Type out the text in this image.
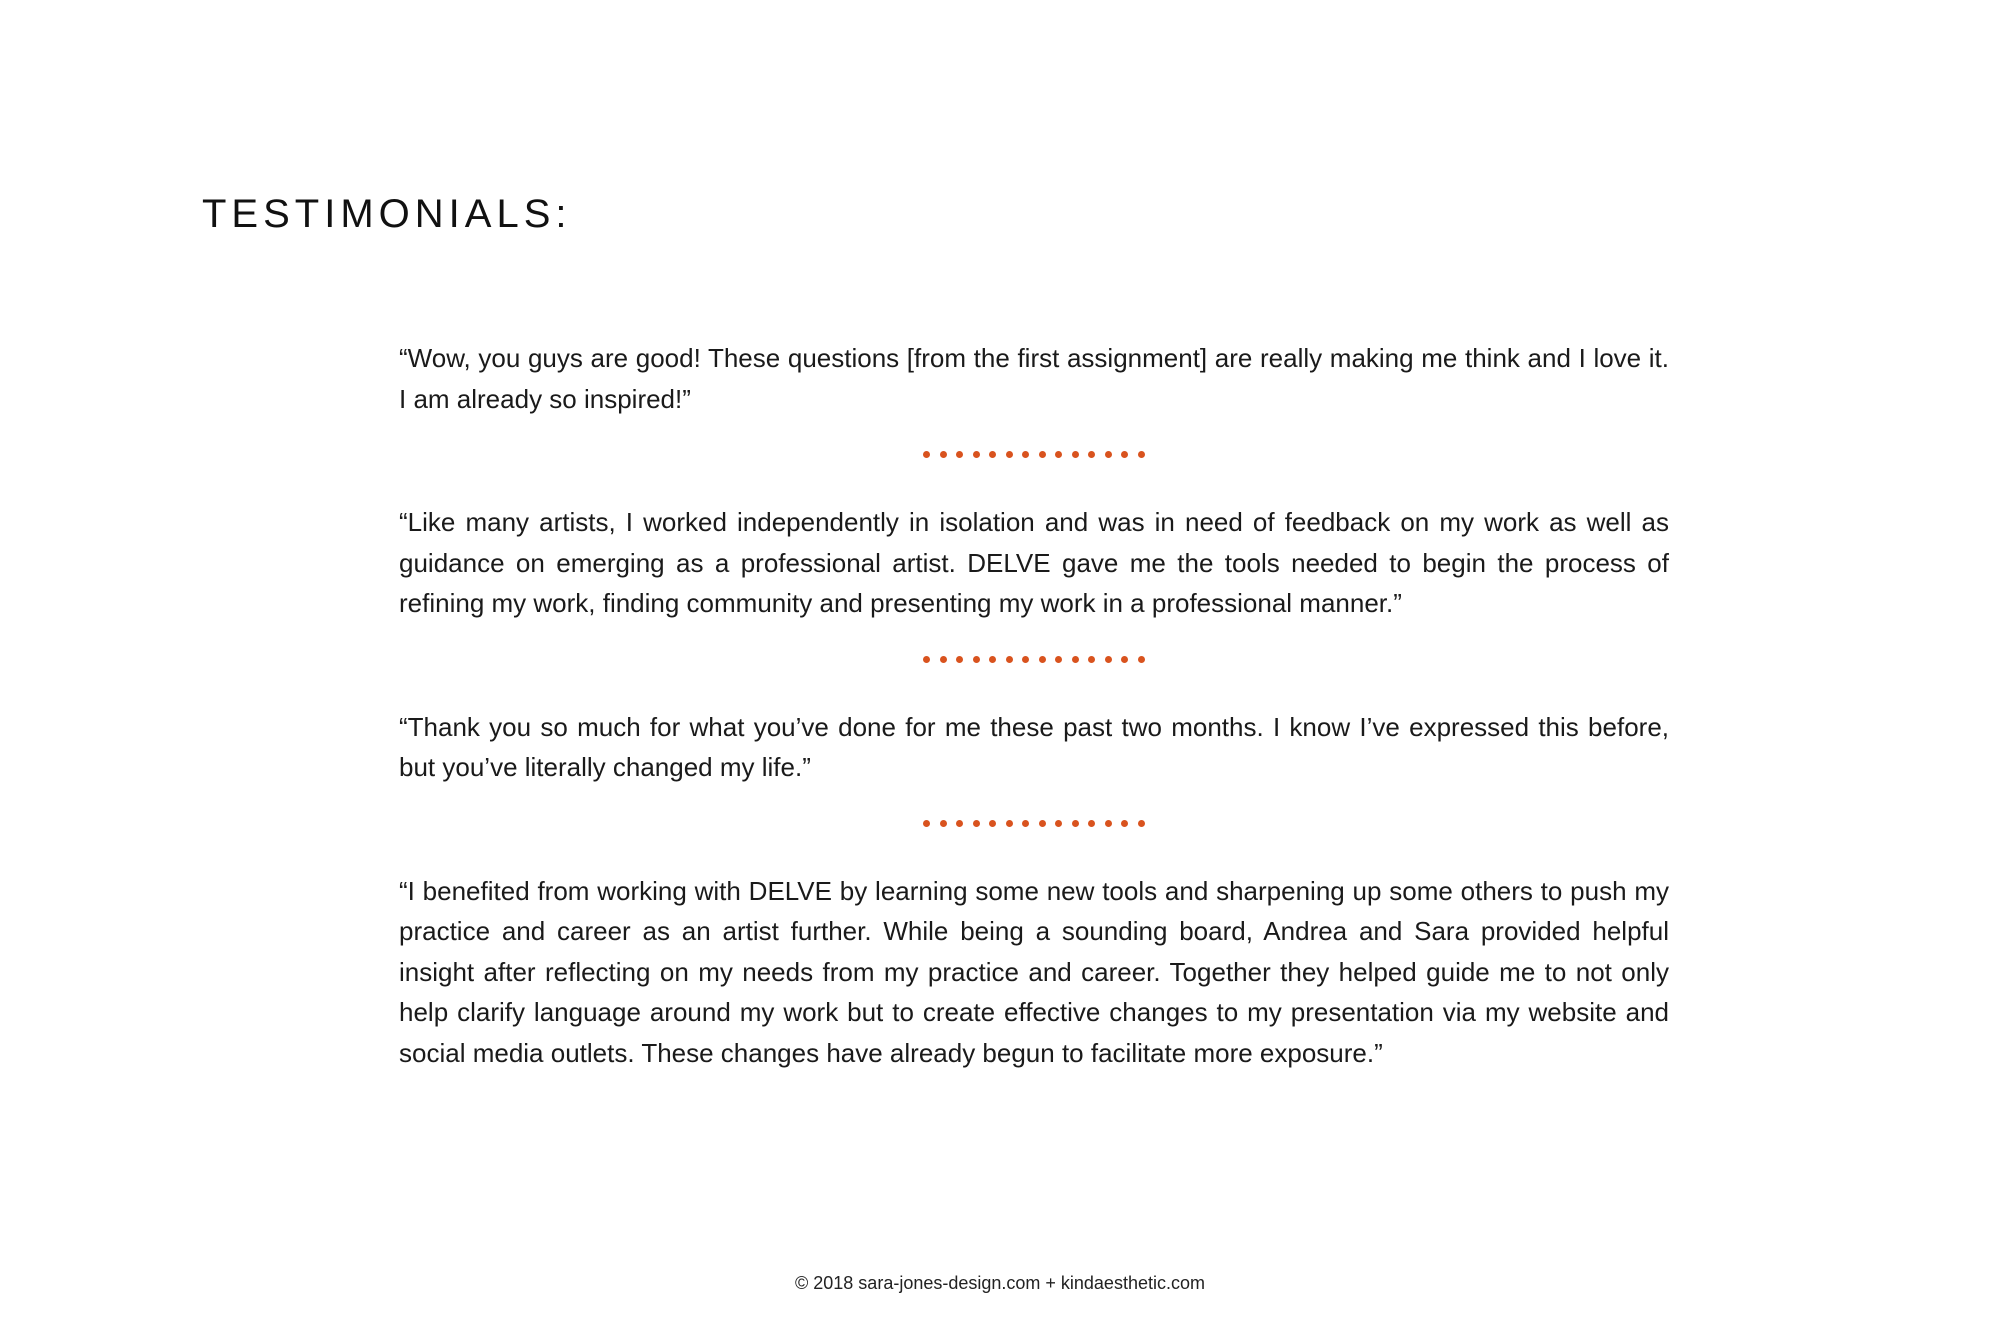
TESTIMONIALS:

“Wow, you guys are good! These questions [from the first assignment] are really making me think and I love it. I am already so inspired!”

“Like many artists, I worked independently in isolation and was in need of feedback on my work as well as guidance on emerging as a professional artist. DELVE gave me the tools needed to begin the process of refining my work, finding community and presenting my work in a professional manner.”

“Thank you so much for what you’ve done for me these past two months. I know I’ve expressed this before, but you’ve literally changed my life.”

“I benefited from working with DELVE by learning some new tools and sharpening up some others to push my practice and career as an artist further. While being a sounding board, Andrea and Sara provided helpful insight after reflecting on my needs from my practice and career. Together they helped guide me to not only help clarify language around my work but to create effective changes to my presentation via my website and social media outlets. These changes have already begun to facilitate more exposure.”

© 2018 sara-jones-design.com + kindaesthetic.com
